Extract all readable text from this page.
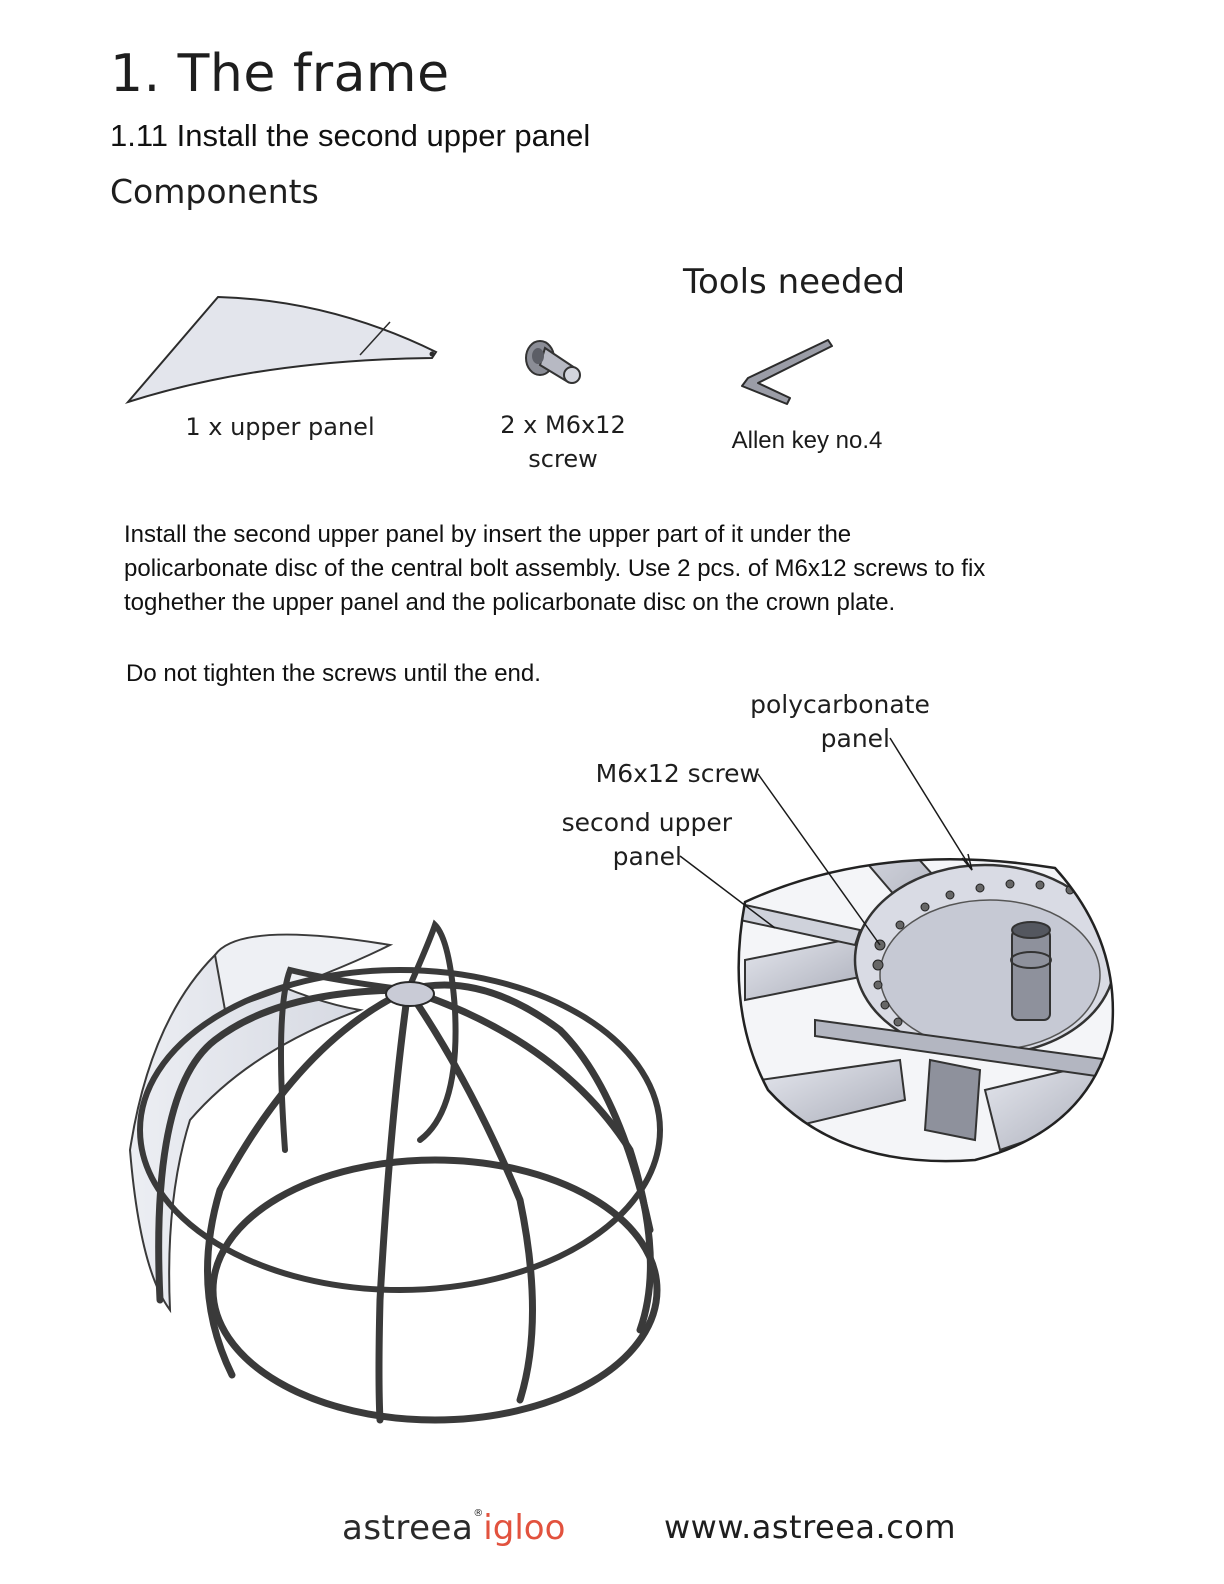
1. The frame
1.11 Install the second upper panel
Components
Tools needed
1 x upper panel	2 x M6x12
screw
Allen key no.4

Install the second upper panel by insert the upper part of it under the

policarbonate disc of the central bolt assembly. Use 2 pcs. of M6x12 screws to fix

toghether the upper panel and the policarbonate disc on the crown plate.

Do not tighten the screws until the end.
polycarbonate
panel
M6x12 screw
second upper
panel
astreea®igloo	www.astreea.com
